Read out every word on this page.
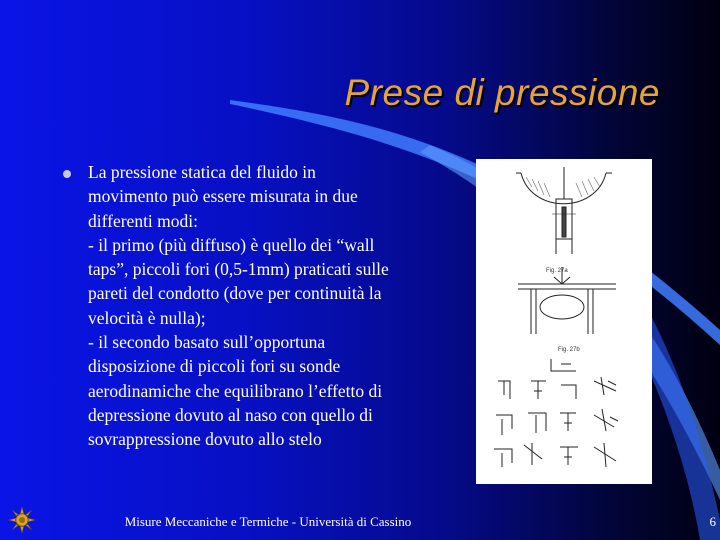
Prese di pressione

La pressione statica del fluido in

movimento può essere misurata in due

differenti modi:

- il primo (più diffuso) è quello dei “wall

taps”, piccoli fori (0,5-1mm) praticati sulle

pareti del condotto (dove per continuità la

velocità è nulla);

- il secondo basato sull’opportuna

disposizione di piccoli fori su sonde

aerodinamiche che equilibrano l’effetto di

depressione dovuto al naso con quello di

sovrappressione dovuto allo stelo

Fig. 27a
Fig. 27b
Misure Meccaniche e Termiche - Università di Cassino	6
